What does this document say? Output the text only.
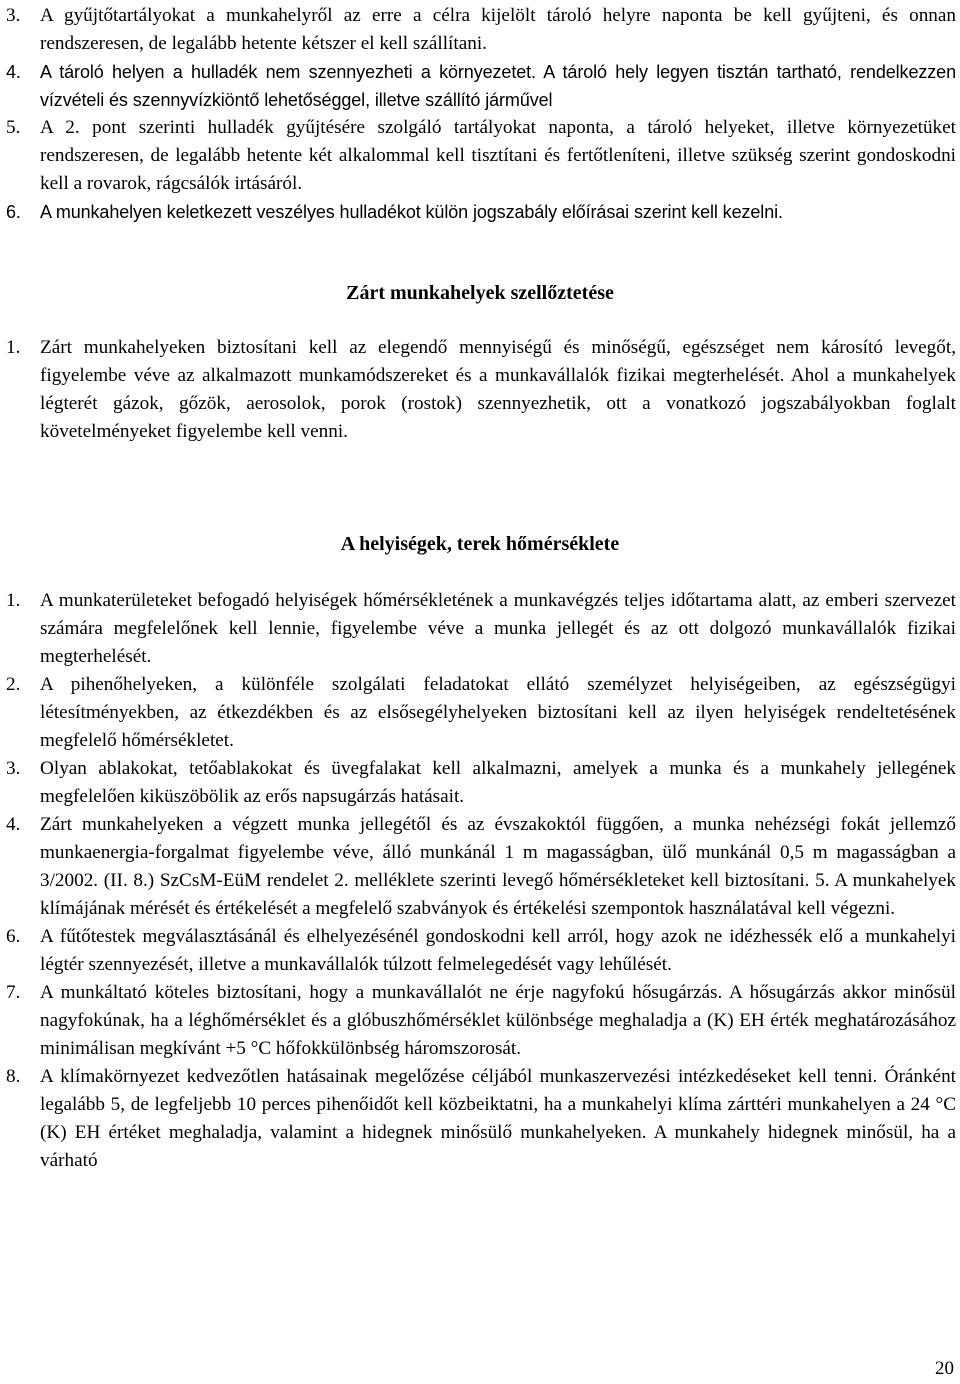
3.	A gyűjtőtartályokat a munkahelyről az erre a célra kijelölt tároló helyre naponta be kell gyűjteni, és onnan rendszeresen, de legalább hetente kétszer el kell szállítani.
4.	A tároló helyen a hulladék nem szennyezheti a környezetet. A tároló hely legyen tisztán tartható, rendelkezzen vízvételi és szennyvízkiöntő lehetőséggel, illetve szállító járművel
5.	A 2. pont szerinti hulladék gyűjtésére szolgáló tartályokat naponta, a tároló helyeket, illetve környezetüket rendszeresen, de legalább hetente két alkalommal kell tisztítani és fertőtleníteni, illetve szükség szerint gondoskodni kell a rovarok, rágcsálók irtásáról.
6.	A munkahelyen keletkezett veszélyes hulladékot külön jogszabály előírásai szerint kell kezelni.
Zárt munkahelyek szellőztetése
1.	Zárt munkahelyeken biztosítani kell az elegendő mennyiségű és minőségű, egészséget nem károsító levegőt, figyelembe véve az alkalmazott munkamódszereket és a munkavállalók fizikai megterhelését. Ahol a munkahelyek légterét gázok, gőzök, aerosolok, porok (rostok) szennyezhetik, ott a vonatkozó jogszabályokban foglalt követelményeket figyelembe kell venni.
A helyiségek, terek hőmérséklete
1.	A munkaterületeket befogadó helyiségek hőmérsékletének a munkavégzés teljes időtartama alatt, az emberi szervezet számára megfelelőnek kell lennie, figyelembe véve a munka jellegét és az ott dolgozó munkavállalók fizikai megterhelését.
2.	A pihenőhelyeken, a különféle szolgálati feladatokat ellátó személyzet helyiségeiben, az egészségügyi létesítményekben, az étkezdékben és az elsősegélyhelyeken biztosítani kell az ilyen helyiségek rendeltetésének megfelelő hőmérsékletet.
3.	Olyan ablakokat, tetőablakokat és üvegfalakat kell alkalmazni, amelyek a munka és a munkahely jellegének megfelelően kiküszöbölik az erős napsugárzás hatásait.
4.	Zárt munkahelyeken a végzett munka jellegétől és az évszakoktól függően, a munka nehézségi fokát jellemző munkaenergia-forgalmat figyelembe véve, álló munkánál 1 m magasságban, ülő munkánál 0,5 m magasságban a 3/2002. (II. 8.) SzCsM-EüM rendelet 2. melléklete szerinti levegő hőmérsékleteket kell biztosítani. 5. A munkahelyek klímájának mérését és értékelését a megfelelő szabványok és értékelési szempontok használatával kell végezni.
6.	A fűtőtestek megválasztásánál és elhelyezésénél gondoskodni kell arról, hogy azok ne idézhessék elő a munkahelyi légtér szennyezését, illetve a munkavállalók túlzott felmelegedését vagy lehűlését.
7.	A munkáltató köteles biztosítani, hogy a munkavállalót ne érje nagyfokú hősugárzás. A hősugárzás akkor minősül nagyfokúnak, ha a léghőmérséklet és a glóbuszhőmérséklet különbsége meghaladja a (K) EH érték meghatározásához minimálisan megkívánt +5 °C hőfokkülönbség háromszorosát.
8.	A klímakörnyezet kedvezőtlen hatásainak megelőzése céljából munkaszervezési intézkedéseket kell tenni. Óránként legalább 5, de legfeljebb 10 perces pihenőidőt kell közbeiktatni, ha a munkahelyi klíma zárttéri munkahelyen a 24 °C (K) EH értéket meghaladja, valamint a hidegnek minősülő munkahelyeken. A munkahely hidegnek minősül, ha a várható
20
